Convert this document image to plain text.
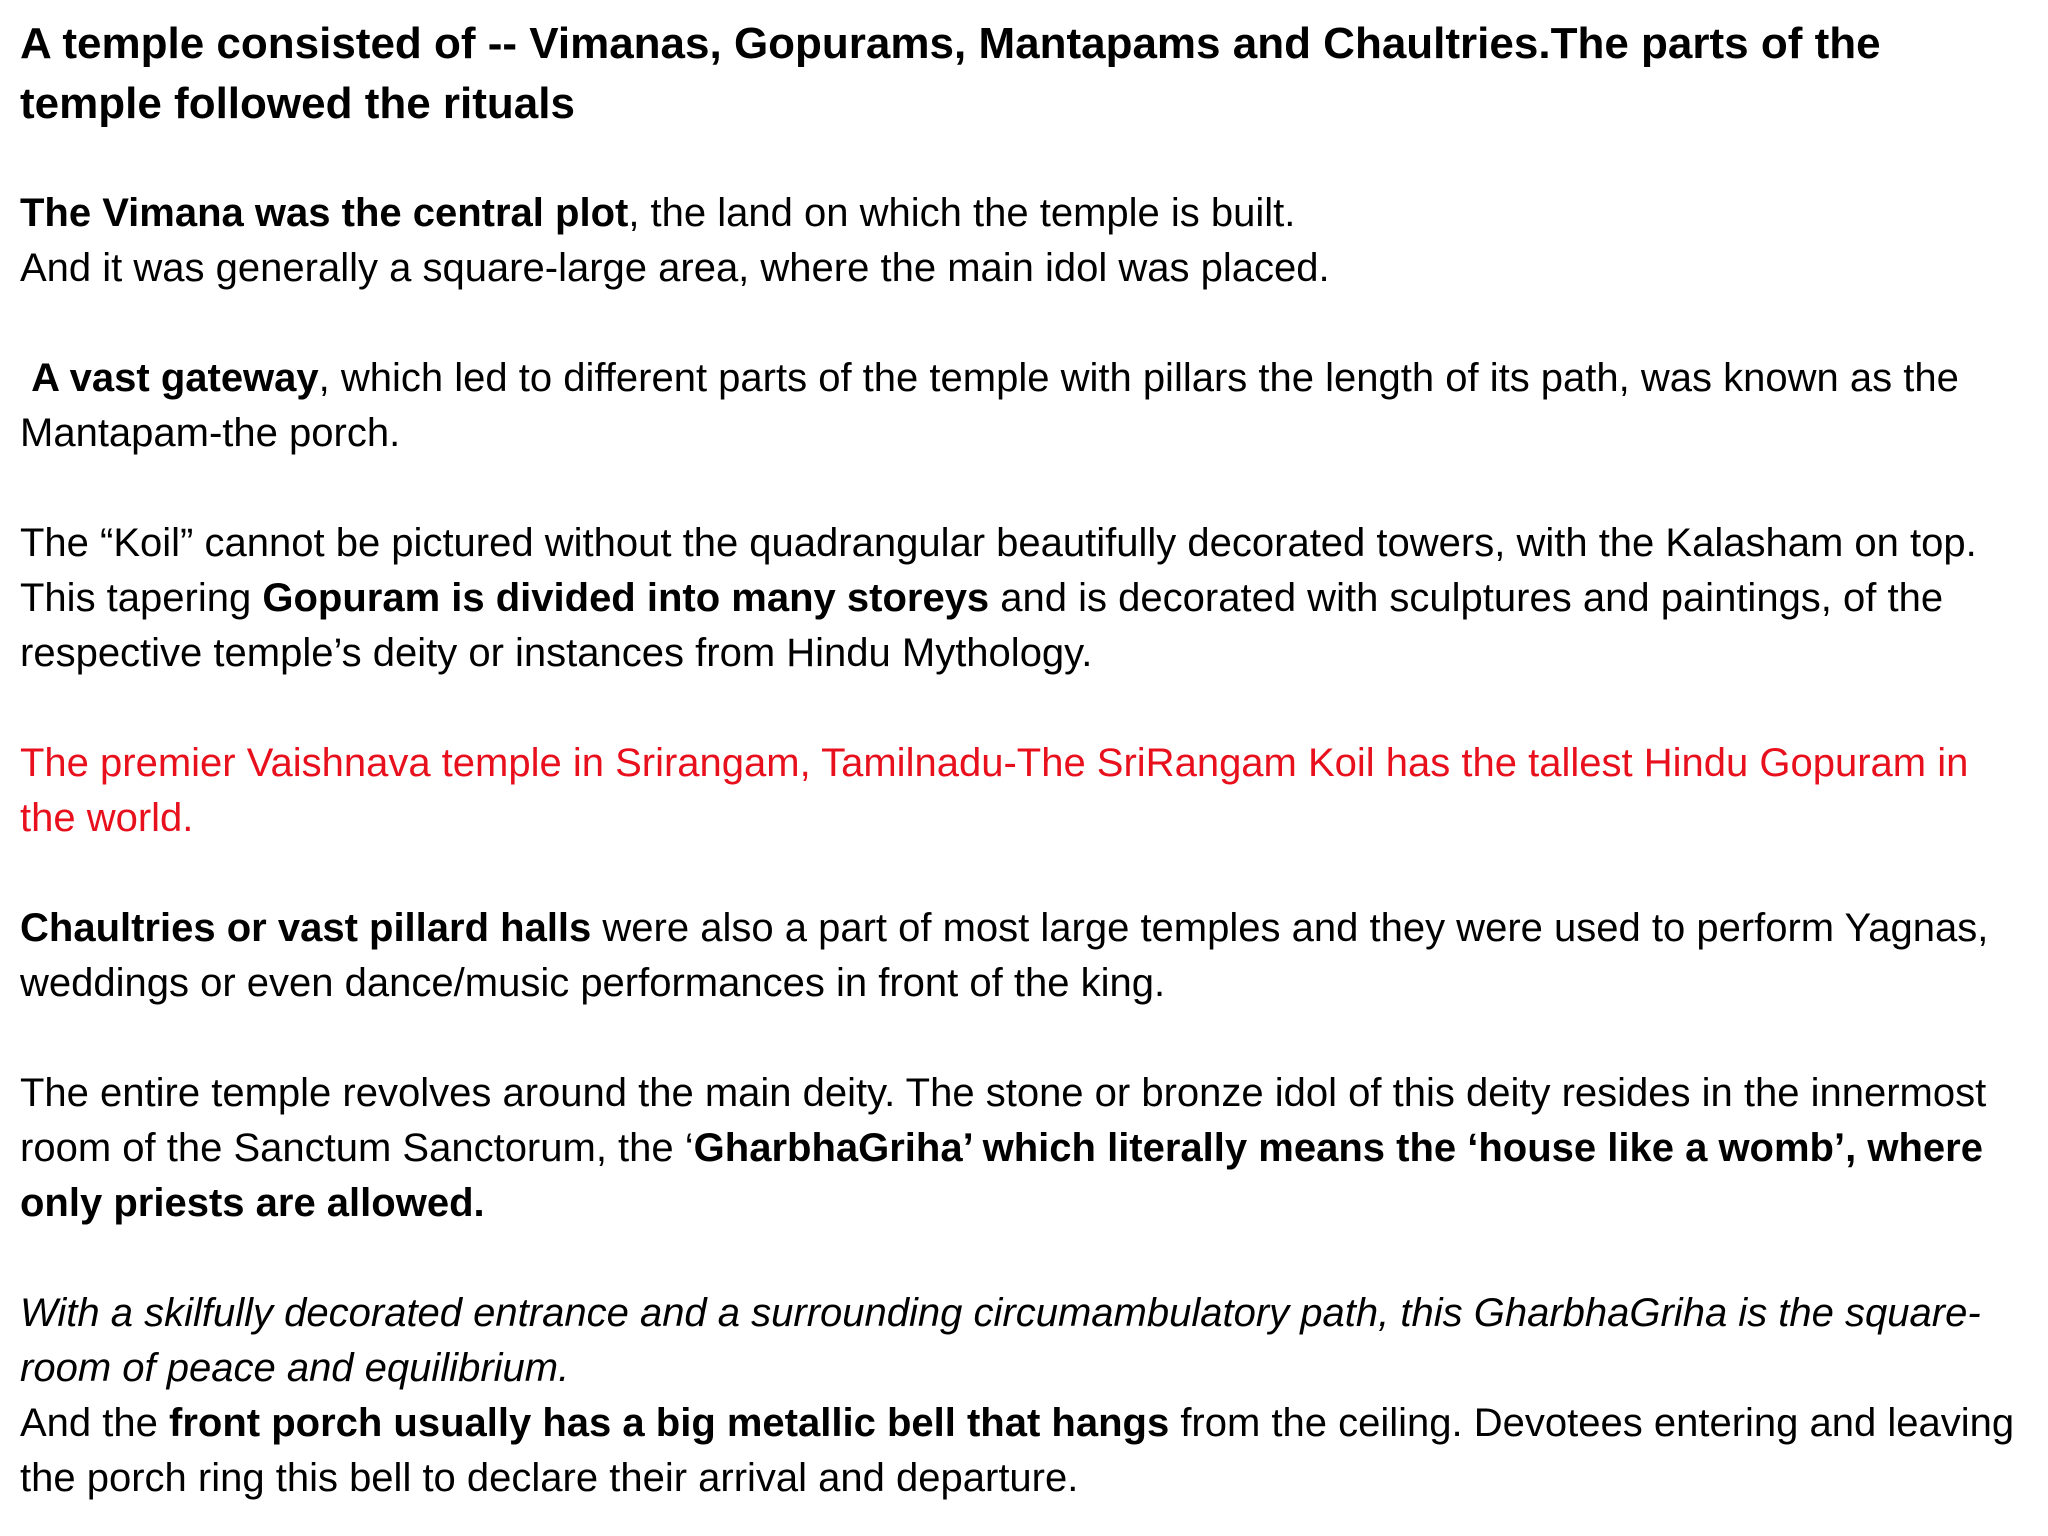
A temple consisted of -- Vimanas, Gopurams, Mantapams and Chaultries.The parts of the temple followed the rituals

The Vimana was the central plot, the land on which the temple is built.
And it was generally a square-large area, where the main idol was placed.

A vast gateway, which led to different parts of the temple with pillars the length of its path, was known as the Mantapam-the porch.

The “Koil” cannot be pictured without the quadrangular beautifully decorated towers, with the Kalasham on top. This tapering Gopuram is divided into many storeys and is decorated with sculptures and paintings, of the respective temple’s deity or instances from Hindu Mythology.

The premier Vaishnava temple in Srirangam, Tamilnadu-The SriRangam Koil has the tallest Hindu Gopuram in the world.

Chaultries or vast pillard halls were also a part of most large temples and they were used to perform Yagnas, weddings or even dance/music performances in front of the king.

The entire temple revolves around the main deity. The stone or bronze idol of this deity resides in the innermost room of the Sanctum Sanctorum, the ‘GharbhaGriha’ which literally means the ‘house like a womb’, where only priests are allowed.

With a skilfully decorated entrance and a surrounding circumambulatory path, this GharbhaGriha is the square-room of peace and equilibrium.

And the front porch usually has a big metallic bell that hangs from the ceiling. Devotees entering and leaving the porch ring this bell to declare their arrival and departure.
